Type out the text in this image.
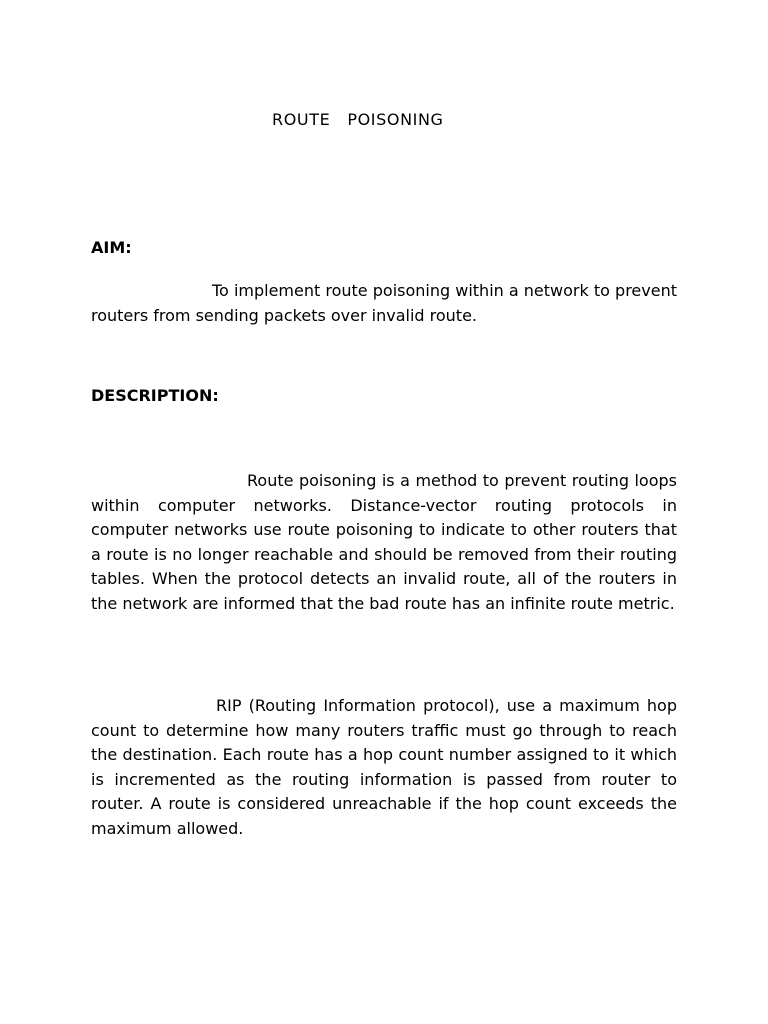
ROUTE   POISONING
AIM:

To implement route poisoning within a network to prevent routers from sending packets over invalid route.

DESCRIPTION:

Route poisoning is a method to prevent routing loops within computer networks. Distance-vector routing protocols in computer networks use route poisoning to indicate to other routers that a route is no longer reachable and should be removed from their routing tables. When the protocol detects an invalid route, all of the routers in the network are informed that the bad route has an infinite route metric.

RIP (Routing Information protocol), use a maximum hop count to determine how many routers traffic must go through to reach the destination. Each route has a hop count number assigned to it which is incremented as the routing information is passed from router to router. A route is considered unreachable if the hop count exceeds the maximum allowed.
